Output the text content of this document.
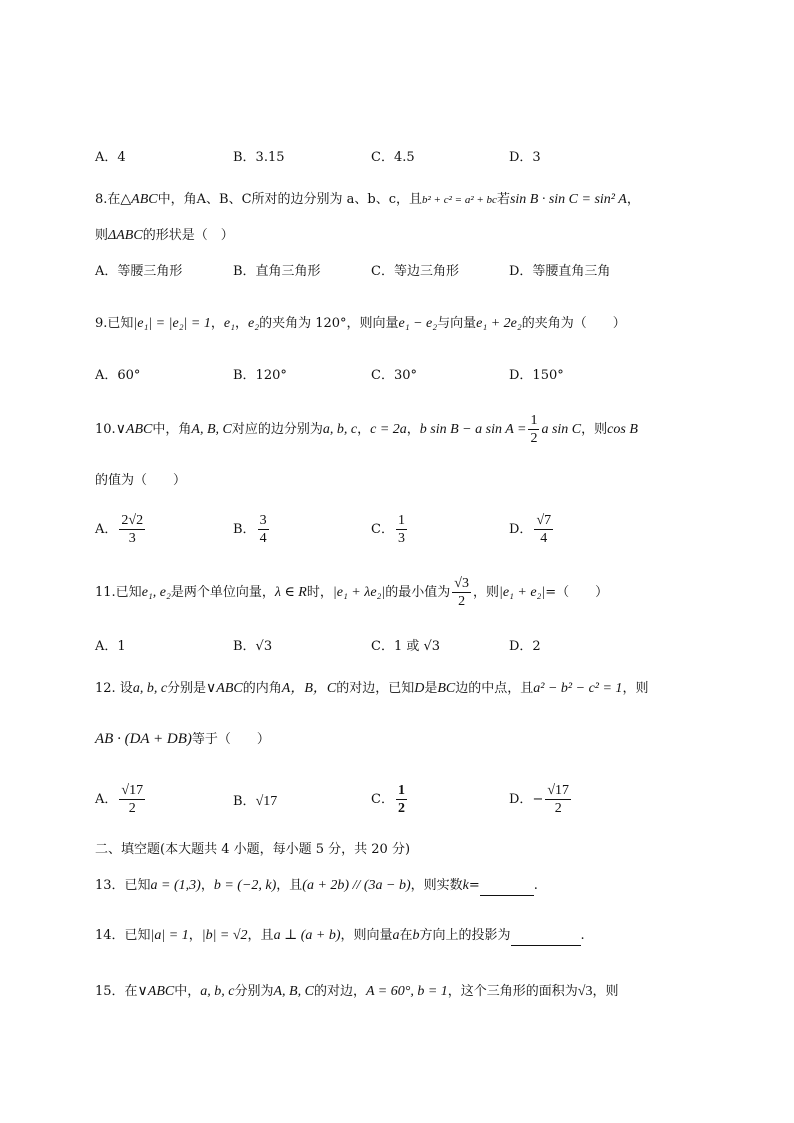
A．4	B．3.15	C．4.5	D．3
8.在△ABC中，角A、B、C所对的边分别为 a、b、c，且b² + c² = a² + bc若sin B · sin C = sin² A，
则ΔABC的形状是（　）
A．等腰三角形	B．直角三角形	C．等边三角形	D．等腰直角三角
9.已知|e₁| = |e₂| = 1，e₁，e₂的夹角为 120°，则向量e₁ − e₂与向量e₁ + 2e₂的夹角为（　　）
A．60°	B．120°	C．30°	D．150°
10.∨ABC中，角A, B, C对应的边分别为a, b, c，c = 2a，b sin B − a $\sin A = \frac{1}{2}$ a sin C，则cos B
的值为（　　）
A． $\frac{2√2}{3}$	B． $\frac{3}{4}$	C． $\frac{1}{3}$	D． $\frac{√7}{4}$
11.已知e₁, e₂是两个单位向量，λ ∈ R时，|e₁ + λe₂|的最小值为 $\frac{√3}{2}$ ，则|e₁ + e₂|=（　　）
A．1	B．√3	C．1 或 √3	D．2
12. 设a, b, c分别是∨ABC的内角A，B，C的对边，已知D是BC边的中点，且a² − b² − c² = 1，则
AB · (DA + DB)等于（　　）
A． $\frac{√17}{2}$	B．√17	C． $\frac{1}{2}$	D．− $\frac{√17}{2}$
二、填空题(本大题共 4 小题，每小题 5 分，共 20 分)
13．已知a = (1,3)，b = (−2, k)，且(a + 2b) // (3a − b)，则实数k=	.
14．已知|a| = 1，|b| = √2，且a ⊥ (a + b)，则向量a在b方向上的投影为	.
15．在∨ABC中，a, b, c分别为A, B, C的对边，A = 60°, b = 1，这个三角形的面积为√3，则
